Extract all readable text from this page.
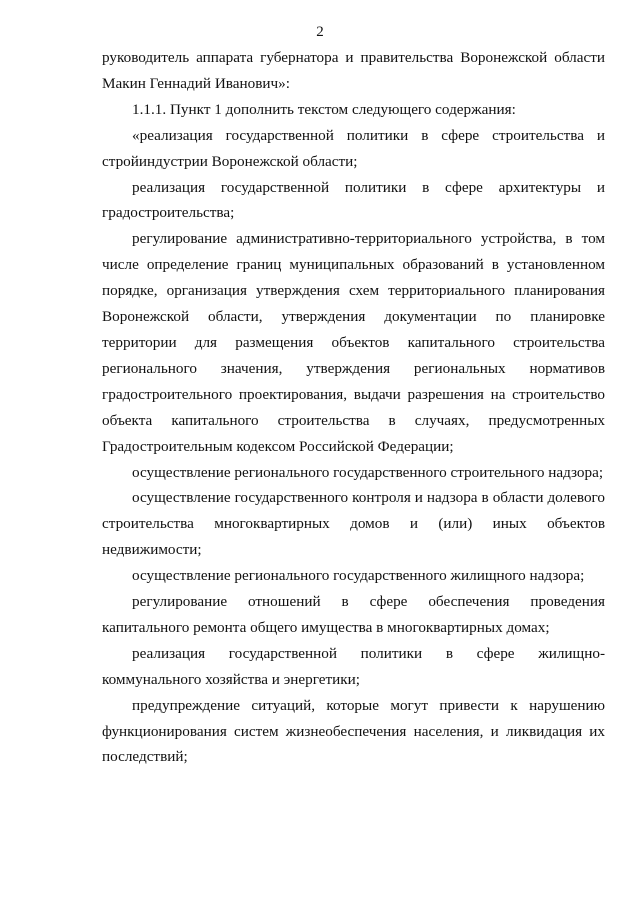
2

руководитель аппарата губернатора и правительства Воронежской области Макин Геннадий Иванович»:

1.1.1. Пункт 1 дополнить текстом следующего содержания:

«реализация государственной политики в сфере строительства и стройиндустрии Воронежской области;

реализация государственной политики в сфере архитектуры и градостроительства;

регулирование административно-территориального устройства, в том числе определение границ муниципальных образований в установленном порядке, организация утверждения схем территориального планирования Воронежской области, утверждения документации по планировке территории для размещения объектов капитального строительства регионального значения, утверждения региональных нормативов градостроительного проектирования, выдачи разрешения на строительство объекта капитального строительства в случаях, предусмотренных Градостроительным кодексом Российской Федерации;

осуществление регионального государственного строительного надзора;

осуществление государственного контроля и надзора в области долевого строительства многоквартирных домов и (или) иных объектов недвижимости;

осуществление регионального государственного жилищного надзора;

регулирование отношений в сфере обеспечения проведения капитального ремонта общего имущества в многоквартирных домах;

реализация государственной политики в сфере жилищно-коммунального хозяйства и энергетики;

предупреждение ситуаций, которые могут привести к нарушению функционирования систем жизнеобеспечения населения, и ликвидация их последствий;
